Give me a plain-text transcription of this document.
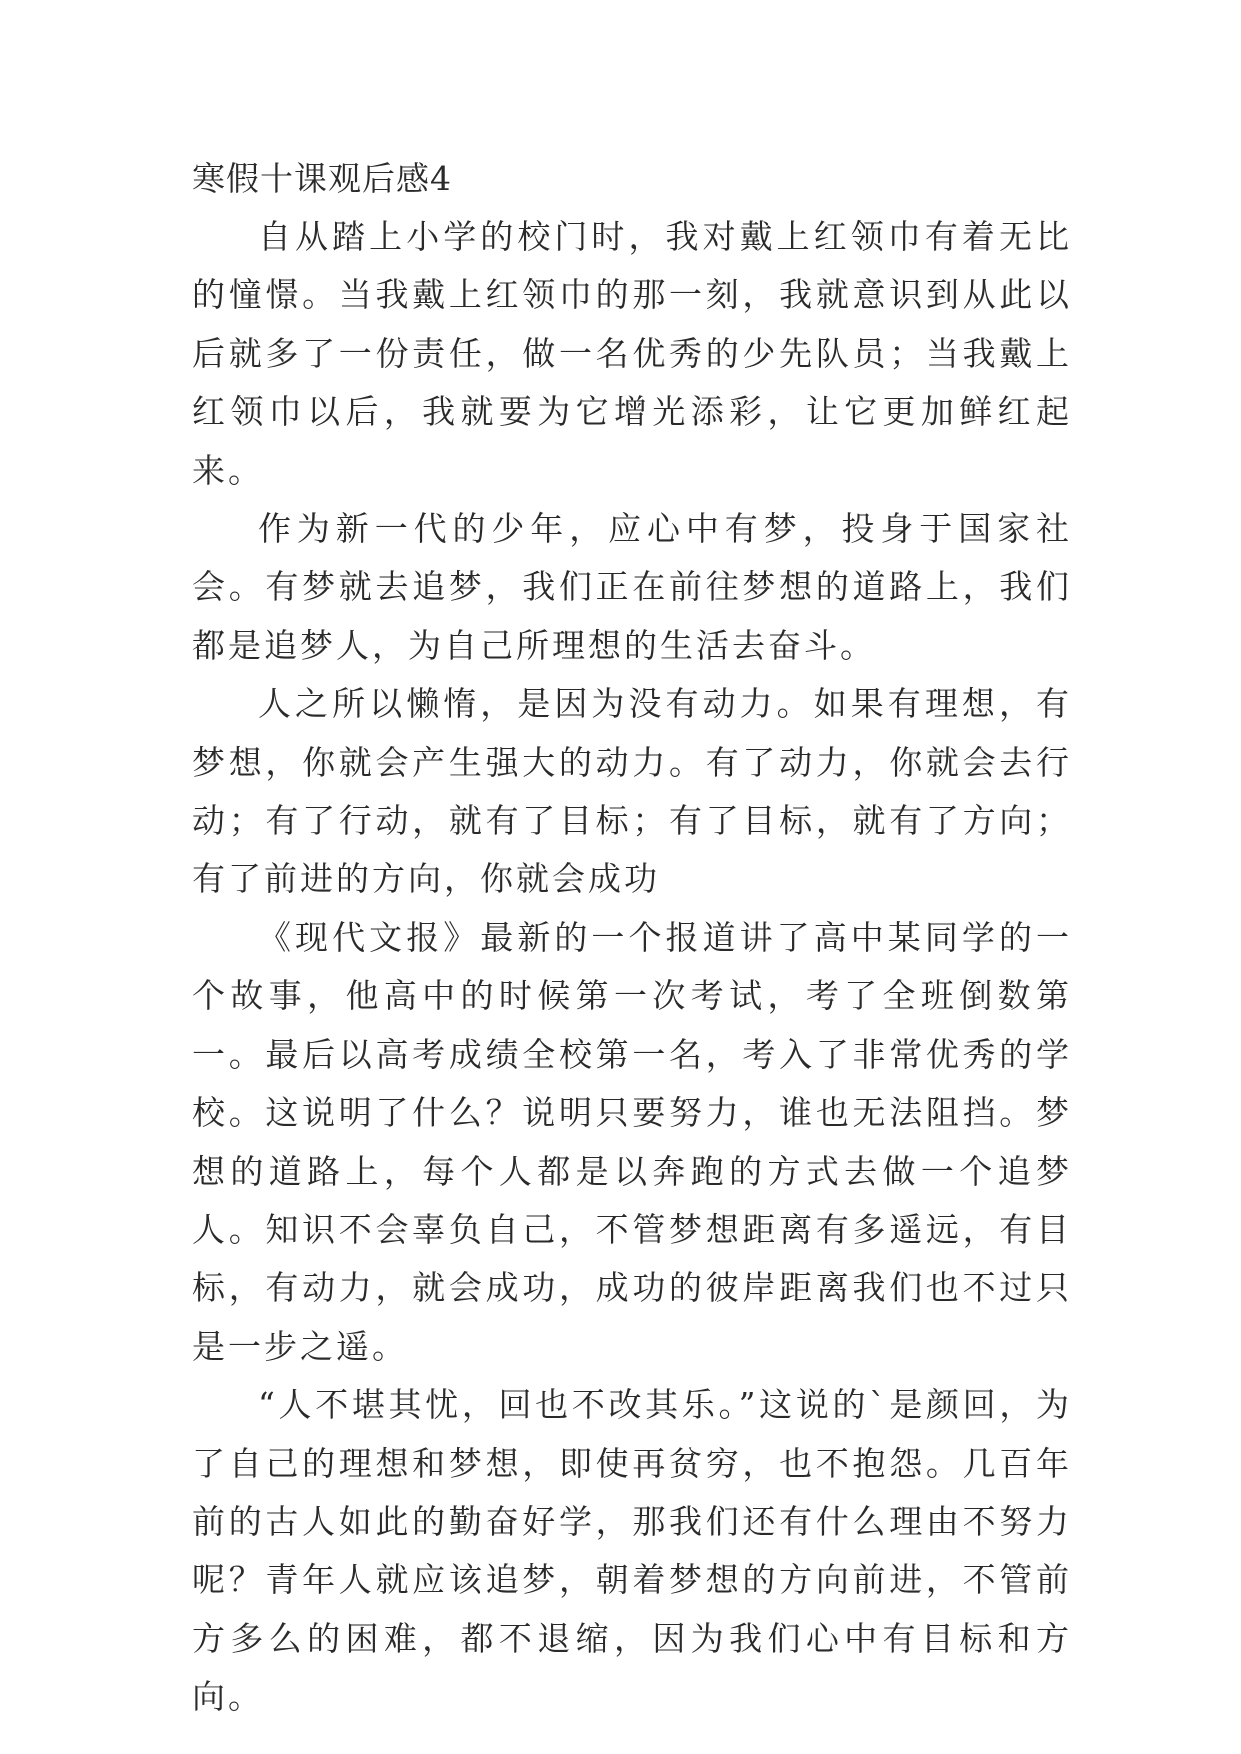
寒假十课观后感4

自从踏上小学的校门时，我对戴上红领巾有着无比的憧憬。当我戴上红领巾的那一刻，我就意识到从此以后就多了一份责任，做一名优秀的少先队员；当我戴上红领巾以后，我就要为它增光添彩，让它更加鲜红起来。

作为新一代的少年，应心中有梦，投身于国家社会。有梦就去追梦，我们正在前往梦想的道路上，我们都是追梦人，为自己所理想的生活去奋斗。

人之所以懒惰，是因为没有动力。如果有理想，有梦想，你就会产生强大的动力。有了动力，你就会去行动；有了行动，就有了目标；有了目标，就有了方向；有了前进的方向，你就会成功

《现代文报》最新的一个报道讲了高中某同学的一个故事，他高中的时候第一次考试，考了全班倒数第一。最后以高考成绩全校第一名，考入了非常优秀的学校。这说明了什么？说明只要努力，谁也无法阻挡。梦想的道路上，每个人都是以奔跑的方式去做一个追梦人。知识不会辜负自己，不管梦想距离有多遥远，有目标，有动力，就会成功，成功的彼岸距离我们也不过只是一步之遥。

“人不堪其忧，回也不改其乐。”这说的`是颜回，为了自己的理想和梦想，即使再贫穷，也不抱怨。几百年前的古人如此的勤奋好学，那我们还有什么理由不努力呢？青年人就应该追梦，朝着梦想的方向前进，不管前方多么的困难，都不退缩，因为我们心中有目标和方向。
